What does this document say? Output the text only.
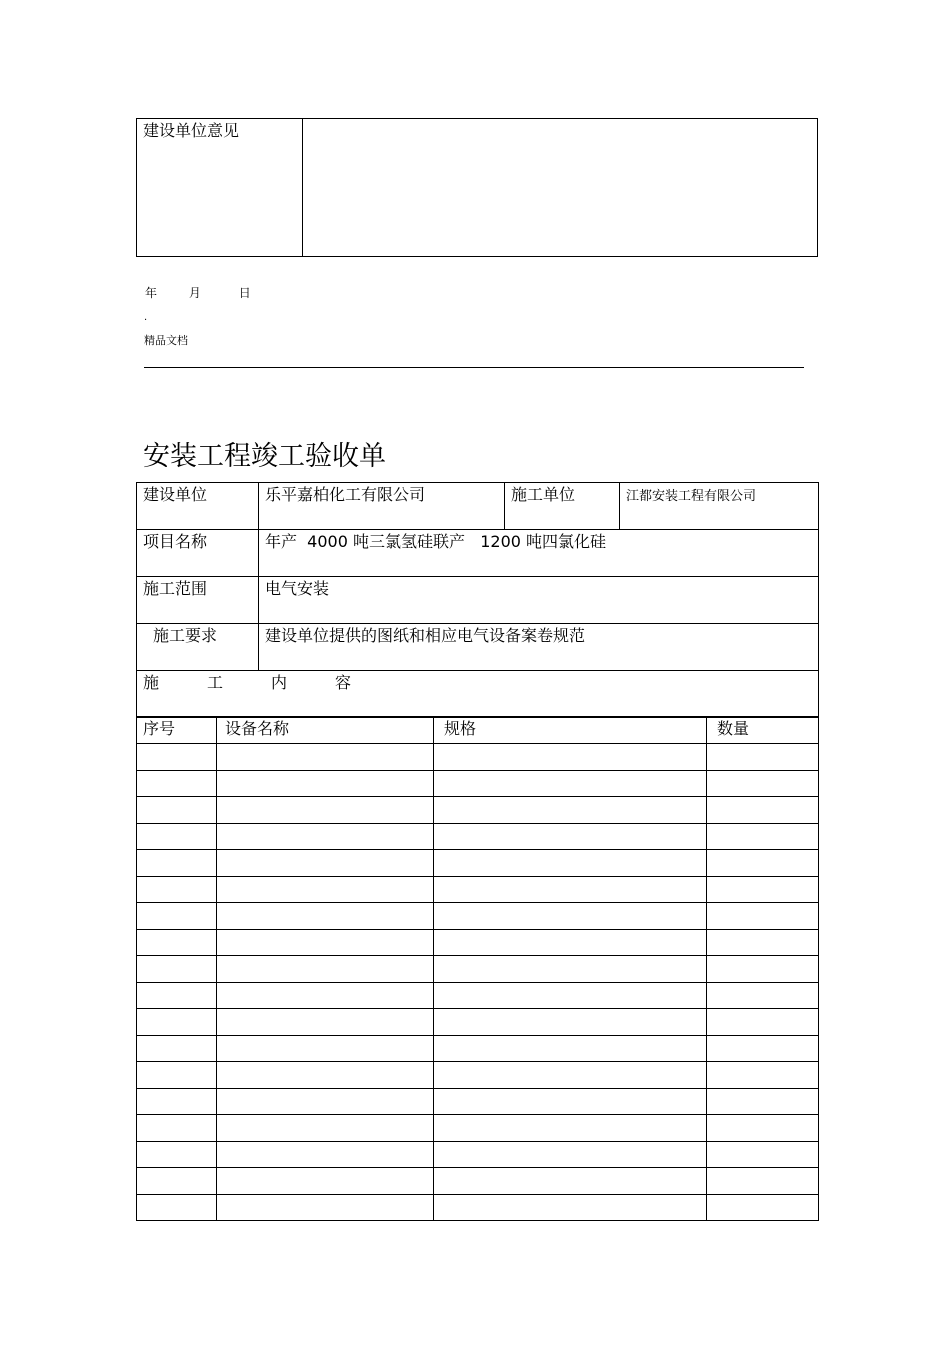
建设单位意见

年	月	日
.
精品文档
安装工程竣工验收单
建设单位	乐平嘉柏化工有限公司	施工单位	江都安装工程有限公司

项目名称	年产  4000 吨三氯氢硅联产   1200 吨四氯化硅		

施工范围	电气安装		

施工要求	建设单位提供的图纸和相应电气设备案卷规范		

施 工 内 容			
序号	设备名称	规格	数量
